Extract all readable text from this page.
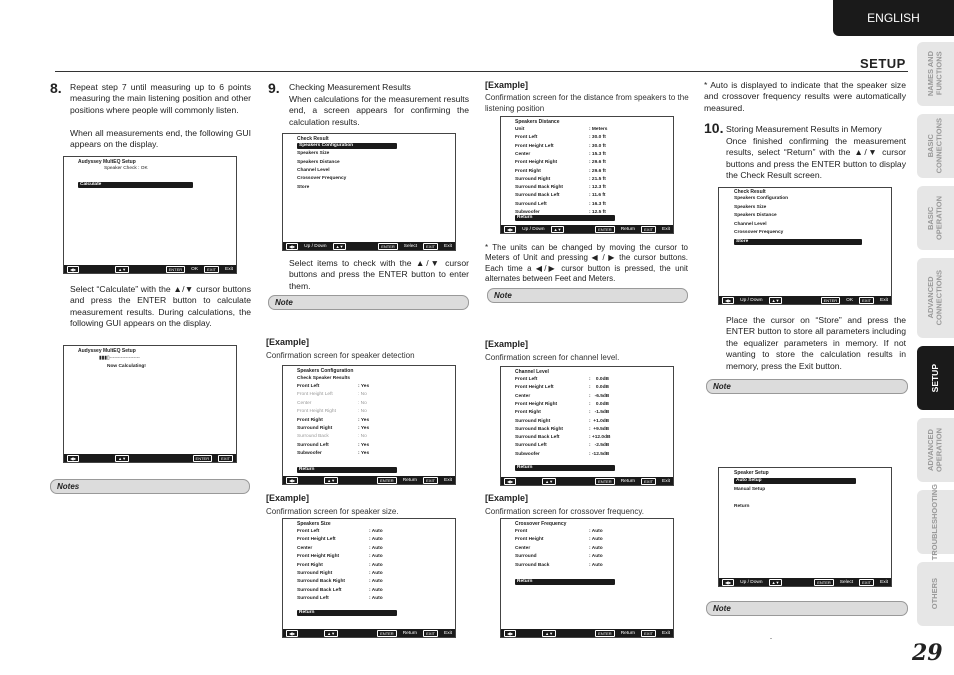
ENGLISH
SETUP
NAMES AND
FUNCTIONS
BASIC
CONNECTIONS
BASIC
OPERATION
ADVANCED
CONNECTIONS
SETUP
ADVANCED
OPERATION
TROUBLESHOOTING
OTHERS
29
8. Repeat step 7 until measuring up to 6 points measuring the main listening position and other positions where people will commonly listen.
When all measurements end, the following GUI appears on the display.
Audyssey MultEQ Setup
Speaker Check : OK
Calculate
◀▶	▲▼	ENTER	OK	EXIT	Exit
Select “Calculate” with the ▲/▼ cursor buttons and press the ENTER button to calculate measurement results. During calculations, the following GUI appears on the display.
Audyssey MultEQ Setup
▮▮▮▯-------------------
Now Calculating!
◀▶	▲▼	ENTER	EXIT
Notes
9. Checking Measurement Results
When calculations for the measurement results end, a screen appears for confirming the calculation results.
Check Result
Speakers Configuration
Speakers Size
Speakers Distance
Channel Level
Crossover Frequency
Store
◀▶	Up / Down	▲▼	ENTER	Select	EXIT	Exit
Select items to check with the ▲/▼ cursor buttons and press the ENTER button to enter them.
Note
[Example]
Confirmation screen for speaker detection
Speakers Configuration
Check Speaker Results
Front Left	: Yes
Front Height Left	: No
Center	: No
Front Height Right	: No
Front Right	: Yes
Surround Right	: Yes
Surround Back	: No
Surround Left	: Yes
Subwoofer	: Yes
Return
◀▶	▲▼	ENTER	Return	EXIT	Exit
[Example]
Confirmation screen for speaker size.
Speakers Size
Front Left	: Auto
Front Height Left	: Auto
Center	: Auto
Front Height Right	: Auto
Front Right	: Auto
Surround Right	: Auto
Surround Back Right	: Auto
Surround Back Left	: Auto
Surround Left	: Auto
Return
◀▶	▲▼	ENTER	Return	EXIT	Exit
[Example]
Confirmation screen for the distance from speakers to the listening position
Speakers Distance
Unit	: Meters
Front Left	: 30.0 ft
Front Height Left	: 30.0 ft
Center	: 15.3 ft
Front Height Right	: 29.6 ft
Front Right	: 29.6 ft
Surround Right	: 21.5 ft
Surround Back Right	: 12.3 ft
Surround Back Left	: 11.6 ft
Surround Left	: 16.3 ft
Subwoofer	: 12.5 ft
Return
◀▶	Up / Down	▲▼	ENTER	Return	EXIT	Exit
* The units can be changed by moving the cursor to Meters of Unit and pressing ◀ / ▶ the cursor buttons. Each time a ◀/▶ cursor button is pressed, the unit alternates between Feet and Meters.
Note
[Example]
Confirmation screen for channel level.
Channel Level
Front Left	:    0.0dB
Front Height Left	:    0.0dB
Center	:   -6.5dB
Front Height Right	:    0.0dB
Front Right	:   -1.5dB
Surround Right	:  +1.0dB
Surround Back Right	:  +9.5dB
Surround Back Left	: +12.0dB
Surround Left	:   -2.5dB
Subwoofer	: -12.5dB
Return
◀▶	▲▼	ENTER	Return	EXIT	Exit
[Example]
Confirmation screen for crossover frequency.
Crossover Frequency
Front	: Auto
Front Height	: Auto
Center	: Auto
Surround	: Auto
Surround Back	: Auto
Return
◀▶	▲▼	ENTER	Return	EXIT	Exit
* Auto is displayed to indicate that the speaker size and crossover frequency results were automatically measured.
10. Storing Measurement Results in Memory
Once finished confirming the measurement results, select “Return” with the ▲/▼ cursor buttons and press the ENTER button to display the Check Result screen.
Check Result
Speakers Configuration
Speakers Size
Speakers Distance
Channel Level
Crossover Frequency
Store
◀▶	Up / Down	▲▼	ENTER	OK	EXIT	Exit
Place the cursor on “Store” and press the ENTER button to store all parameters including the equalizer parameters in memory. If not wanting to store the calculation results in memory, press the Exit button.
Note
Speaker Setup
Auto Setup
Manual Setup
Return
◀▶	Up / Down	▲▼	ENTER	Select	EXIT	Exit
Note
-
